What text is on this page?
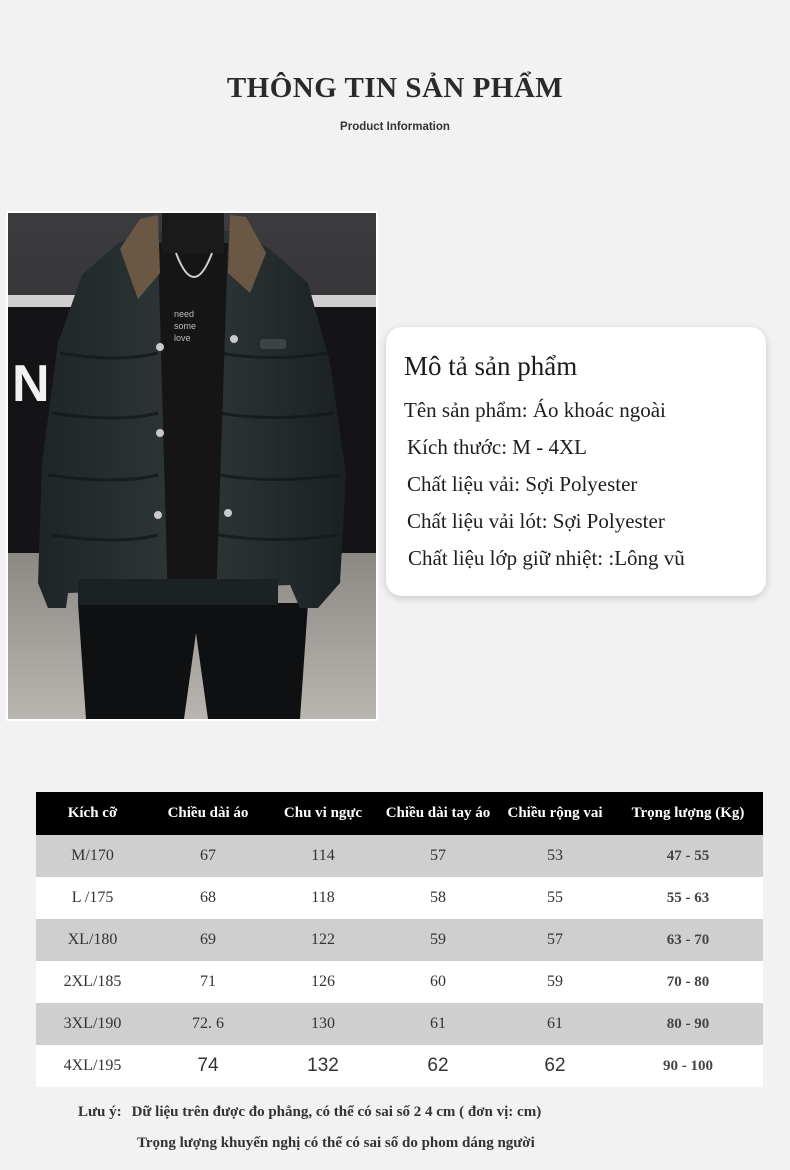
THÔNG TIN SẢN PHẨM
Product Information
N
need
some
love
Mô tả sản phẩm
Tên sản phẩm: Áo khoác ngoài
Kích thước: M - 4XL
Chất liệu vải: Sợi Polyester
Chất liệu vải lót: Sợi Polyester
Chất liệu lớp giữ nhiệt: :Lông vũ
Kích cỡ	Chiều dài áo	Chu vi ngực	Chiều dài tay áo	Chiều rộng vai	Trọng lượng (Kg)
M/170	67	114	57	53	47 - 55
L /175	68	118	58	55	55 - 63
XL/180	69	122	59	57	63 - 70
2XL/185	71	126	60	59	70 - 80
3XL/190	72. 6	130	61	61	80 - 90
4XL/195	74	132	62	62	90 - 100
Lưu ý: Dữ liệu trên được đo phẳng, có thể có sai số 2 4 cm ( đơn vị: cm)
Trọng lượng khuyến nghị có thể có sai số do phom dáng người
